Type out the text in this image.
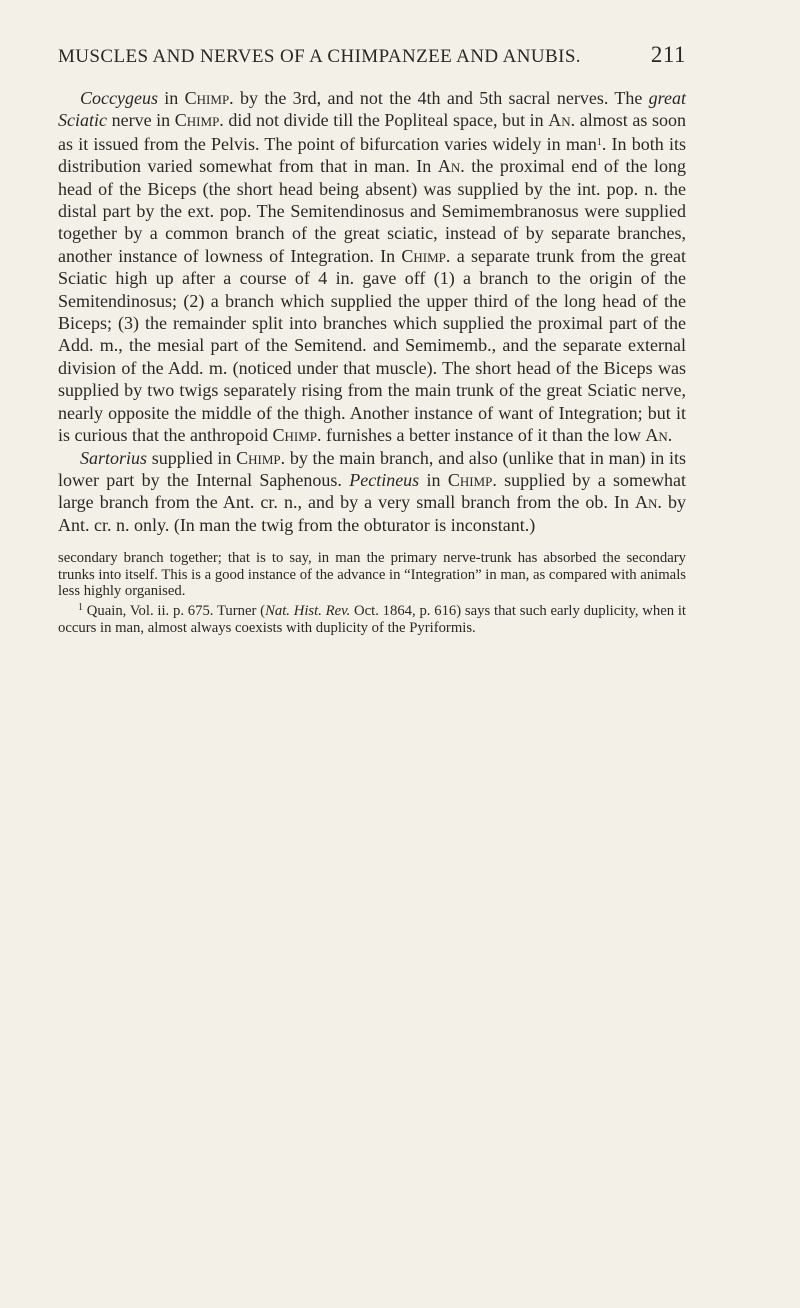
MUSCLES AND NERVES OF A CHIMPANZEE AND ANUBIS.	211

Coccygeus in Chimp. by the 3rd, and not the 4th and 5th sacral nerves. The great Sciatic nerve in Chimp. did not divide till the Popliteal space, but in An. almost as soon as it issued from the Pelvis. The point of bifurcation varies widely in man$^1$. In both its distribution varied somewhat from that in man. In An. the proximal end of the long head of the Biceps (the short head being absent) was supplied by the int. pop. n. the distal part by the ext. pop. The Semitendinosus and Semimembranosus were supplied together by a common branch of the great sciatic, instead of by separate branches, another instance of lowness of Integration. In Chimp. a separate trunk from the great Sciatic high up after a course of 4 in. gave off (1) a branch to the origin of the Semitendinosus; (2) a branch which supplied the upper third of the long head of the Biceps; (3) the remainder split into branches which supplied the proximal part of the Add. m., the mesial part of the Semitend. and Semimemb., and the separate external division of the Add. m. (noticed under that muscle). The short head of the Biceps was supplied by two twigs separately rising from the main trunk of the great Sciatic nerve, nearly opposite the middle of the thigh. Another instance of want of Integration; but it is curious that the anthropoid Chimp. furnishes a better instance of it than the low An.

Sartorius supplied in Chimp. by the main branch, and also (unlike that in man) in its lower part by the Internal Saphenous. Pectineus in Chimp. supplied by a somewhat large branch from the Ant. cr. n., and by a very small branch from the ob. In An. by Ant. cr. n. only. (In man the twig from the obturator is inconstant.)

secondary branch together; that is to say, in man the primary nerve-trunk has absorbed the secondary trunks into itself. This is a good instance of the advance in “Integration” in man, as compared with animals less highly organised.

$^1$ Quain, Vol. ii. p. 675. Turner (Nat. Hist. Rev. Oct. 1864, p. 616) says that such early duplicity, when it occurs in man, almost always coexists with duplicity of the Pyriformis.
